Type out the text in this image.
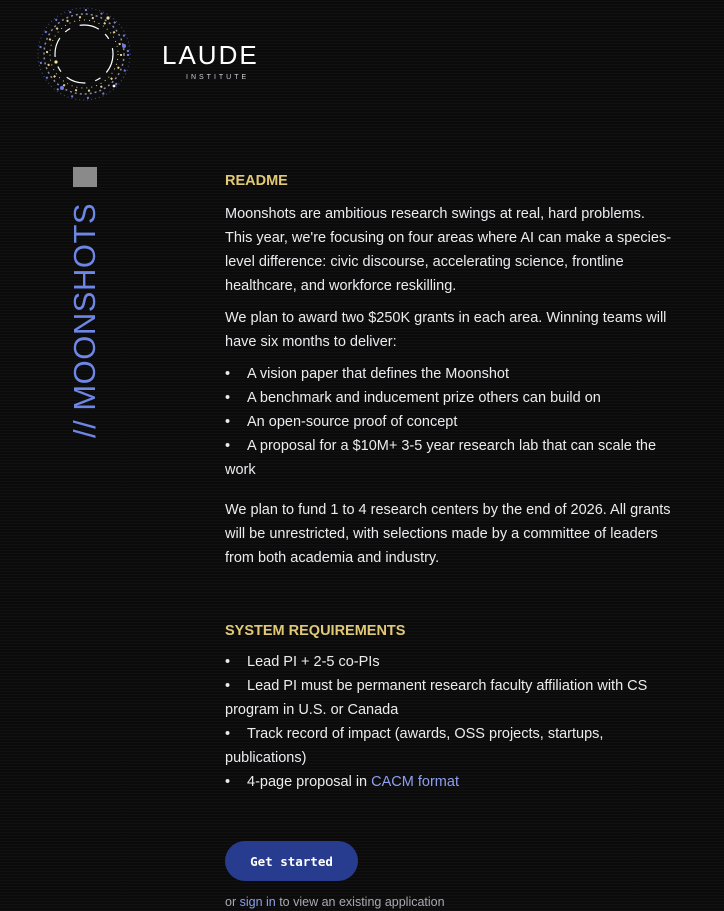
LAUDE
INSTITUTE
// MOONSHOTS
README

Moonshots are ambitious research swings at real, hard problems. This year, we're focusing on four areas where AI can make a species-level difference: civic discourse, accelerating science, frontline healthcare, and workforce reskilling.

We plan to award two $250K grants in each area. Winning teams will have six months to deliver:

• A vision paper that defines the Moonshot
• A benchmark and inducement prize others can build on
• An open-source proof of concept
• A proposal for a $10M+ 3-5 year research lab that can scale the work

We plan to fund 1 to 4 research centers by the end of 2026. All grants will be unrestricted, with selections made by a committee of leaders from both academia and industry.

SYSTEM REQUIREMENTS
• Lead PI + 2-5 co-PIs
• Lead PI must be permanent research faculty affiliation with CS program in U.S. or Canada
• Track record of impact (awards, OSS projects, startups, publications)
• 4-page proposal in CACM format
Get started

or sign in to view an existing application
